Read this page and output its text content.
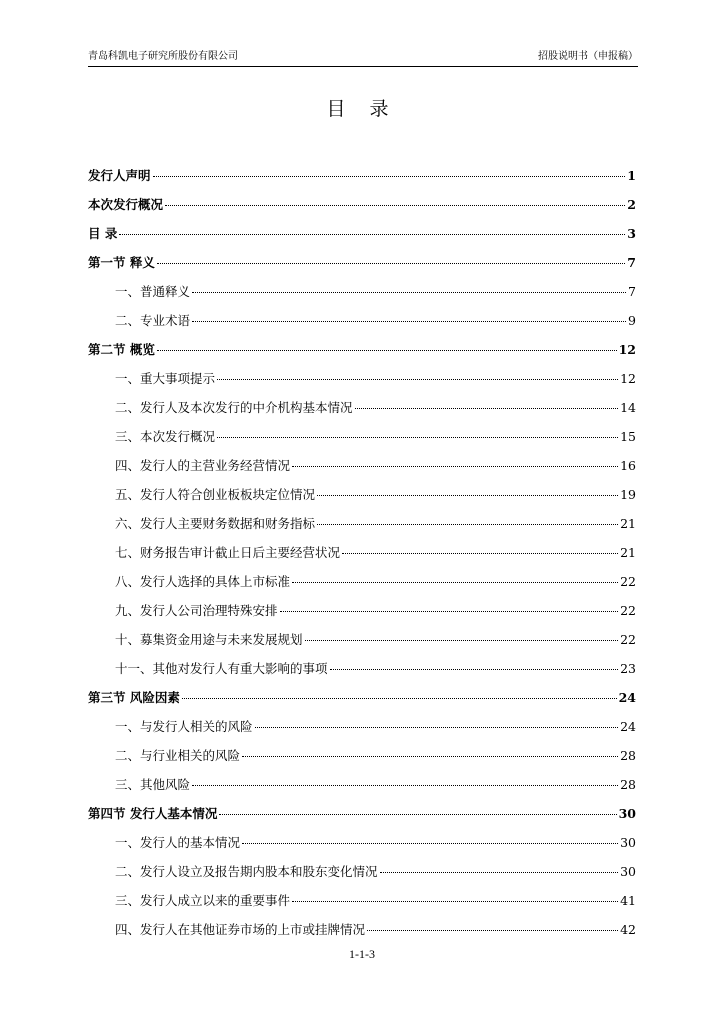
青岛科凯电子研究所股份有限公司	招股说明书（申报稿）
目 录
发行人声明	1
本次发行概况	2
目 录	3
第一节 释义	7
一、普通释义	7
二、专业术语	9
第二节 概览	12
一、重大事项提示	12
二、发行人及本次发行的中介机构基本情况	14
三、本次发行概况	15
四、发行人的主营业务经营情况	16
五、发行人符合创业板板块定位情况	19
六、发行人主要财务数据和财务指标	21
七、财务报告审计截止日后主要经营状况	21
八、发行人选择的具体上市标准	22
九、发行人公司治理特殊安排	22
十、募集资金用途与未来发展规划	22
十一、其他对发行人有重大影响的事项	23
第三节 风险因素	24
一、与发行人相关的风险	24
二、与行业相关的风险	28
三、其他风险	28
第四节 发行人基本情况	30
一、发行人的基本情况	30
二、发行人设立及报告期内股本和股东变化情况	30
三、发行人成立以来的重要事件	41
四、发行人在其他证券市场的上市或挂牌情况	42
1-1-3
